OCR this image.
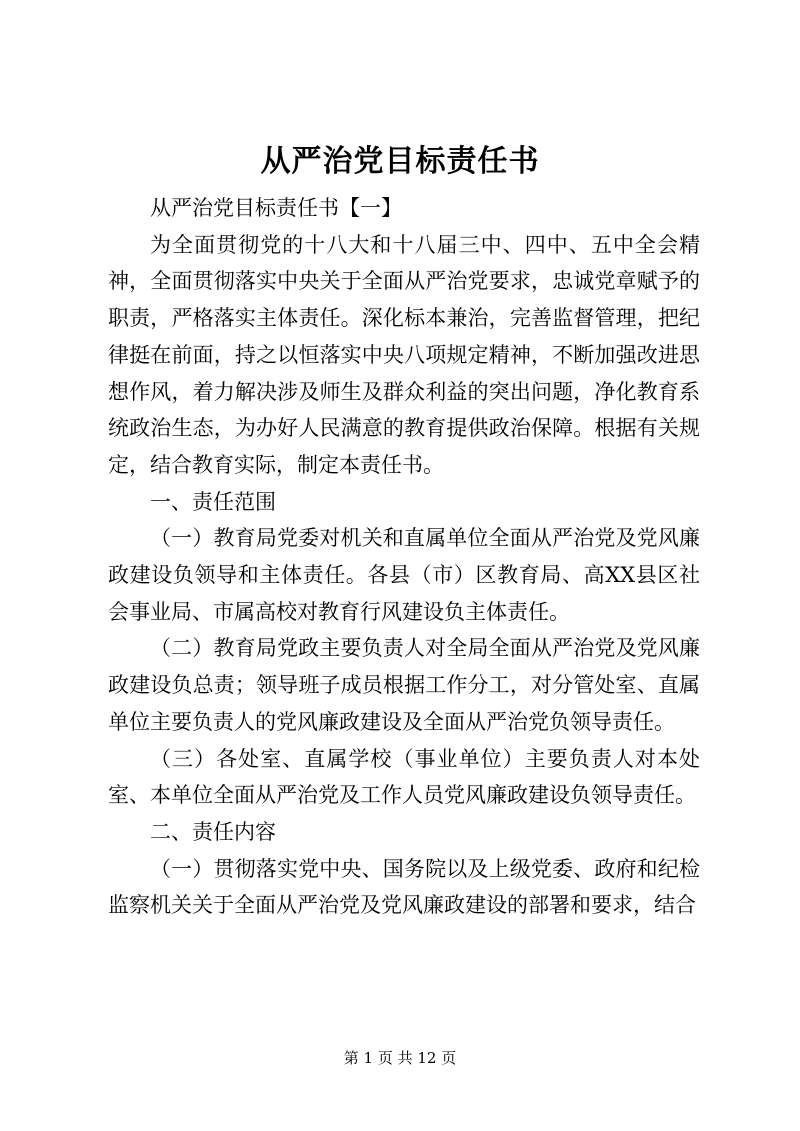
从严治党目标责任书

从严治党目标责任书【一】

为全面贯彻党的十八大和十八届三中、四中、五中全会精神，全面贯彻落实中央关于全面从严治党要求，忠诚党章赋予的职责，严格落实主体责任。深化标本兼治，完善监督管理，把纪律挺在前面，持之以恒落实中央八项规定精神，不断加强改进思想作风，着力解决涉及师生及群众利益的突出问题，净化教育系统政治生态，为办好人民满意的教育提供政治保障。根据有关规定，结合教育实际，制定本责任书。

一、责任范围

（一）教育局党委对机关和直属单位全面从严治党及党风廉政建设负领导和主体责任。各县（市）区教育局、高XX县区社会事业局、市属高校对教育行风建设负主体责任。

（二）教育局党政主要负责人对全局全面从严治党及党风廉政建设负总责；领导班子成员根据工作分工，对分管处室、直属单位主要负责人的党风廉政建设及全面从严治党负领导责任。

（三）各处室、直属学校（事业单位）主要负责人对本处室、本单位全面从严治党及工作人员党风廉政建设负领导责任。

二、责任内容

（一）贯彻落实党中央、国务院以及上级党委、政府和纪检监察机关关于全面从严治党及党风廉政建设的部署和要求，结合

第 1 页 共 12 页
